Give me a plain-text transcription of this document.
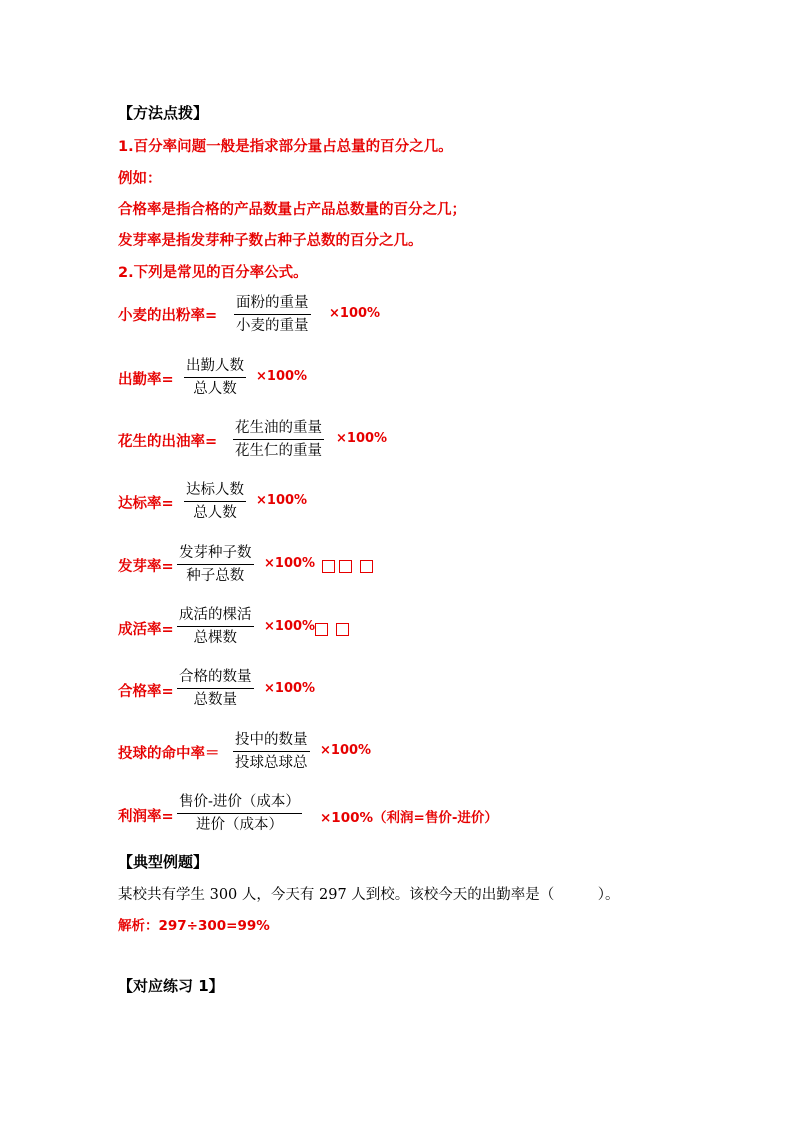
【方法点拨】
1.百分率问题一般是指求部分量占总量的百分之几。
例如：
合格率是指合格的产品数量占产品总数量的百分之几；
发芽率是指发芽种子数占种子总数的百分之几。
2.下列是常见的百分率公式。
小麦的出粉率=
面粉的重量
小麦的重量
×100%
出勤率=
出勤人数
总人数
×100%
花生的出油率=
花生油的重量
花生仁的重量
×100%
达标率=
达标人数
总人数
×100%
发芽率=
发芽种子数
种子总数
×100%
成活率=
成活的棵活
总棵数
×100%
合格率=
合格的数量
总数量
×100%
投球的命中率＝
投中的数量
投球总球总
×100%
利润率=
售价-进价（成本）
进价（成本）	×100%（利润=售价-进价）
【典型例题】
某校共有学生 300 人，今天有 297 人到校。该校今天的出勤率是（　　　）。
解析：297÷300=99%
【对应练习 1】
